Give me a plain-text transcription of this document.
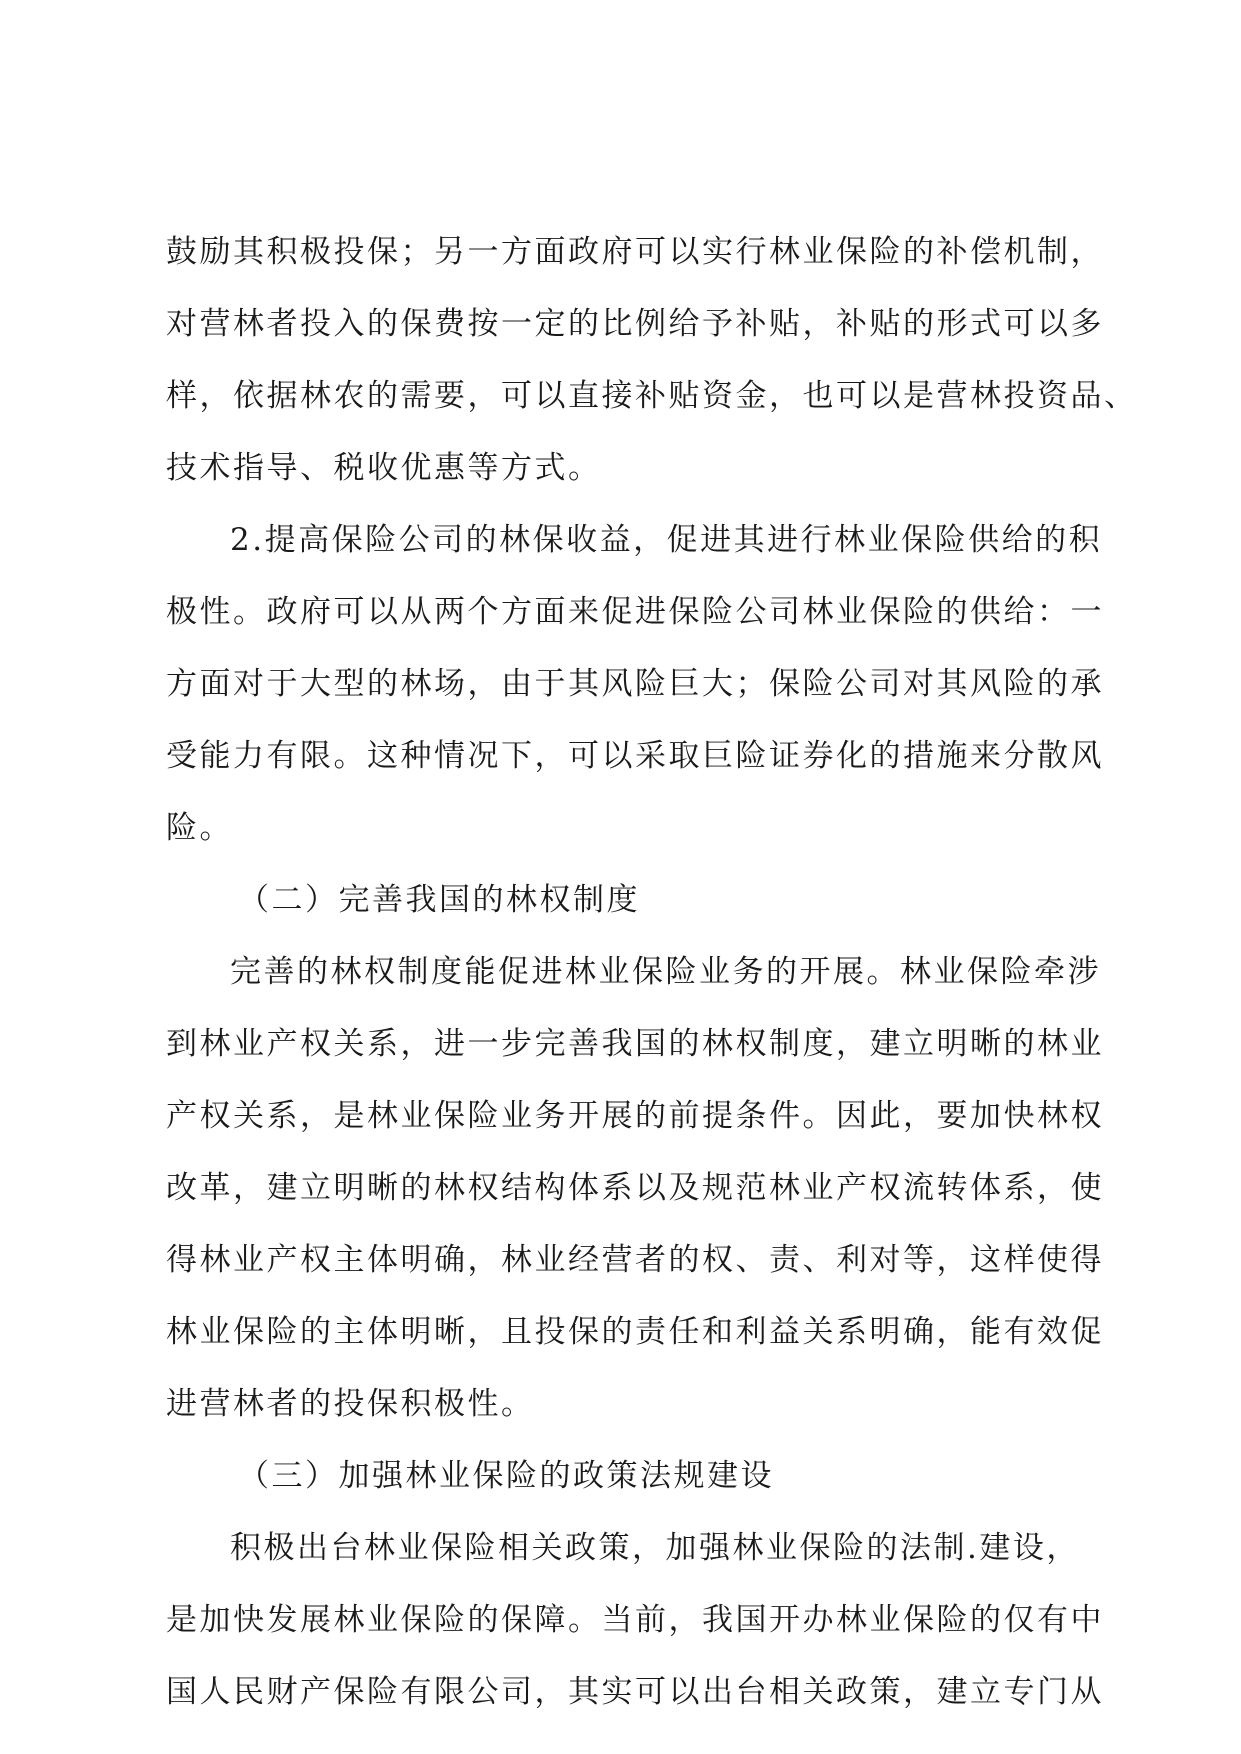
鼓励其积极投保；另一方面政府可以实行林业保险的补偿机制，
对营林者投入的保费按一定的比例给予补贴，补贴的形式可以多
样，依据林农的需要，可以直接补贴资金，也可以是营林投资品、
技术指导、税收优惠等方式。
2.提高保险公司的林保收益，促进其进行林业保险供给的积
极性。政府可以从两个方面来促进保险公司林业保险的供给：一
方面对于大型的林场，由于其风险巨大；保险公司对其风险的承
受能力有限。这种情况下，可以采取巨险证券化的措施来分散风
险。
（二）完善我国的林权制度
完善的林权制度能促进林业保险业务的开展。林业保险牵涉
到林业产权关系，进一步完善我国的林权制度，建立明晰的林业
产权关系，是林业保险业务开展的前提条件。因此，要加快林权
改革，建立明晰的林权结构体系以及规范林业产权流转体系，使
得林业产权主体明确，林业经营者的权、责、利对等，这样使得
林业保险的主体明晰，且投保的责任和利益关系明确，能有效促
进营林者的投保积极性。
（三）加强林业保险的政策法规建设
积极出台林业保险相关政策，加强林业保险的法制.建设，
是加快发展林业保险的保障。当前，我国开办林业保险的仅有中
国人民财产保险有限公司，其实可以出台相关政策，建立专门从
